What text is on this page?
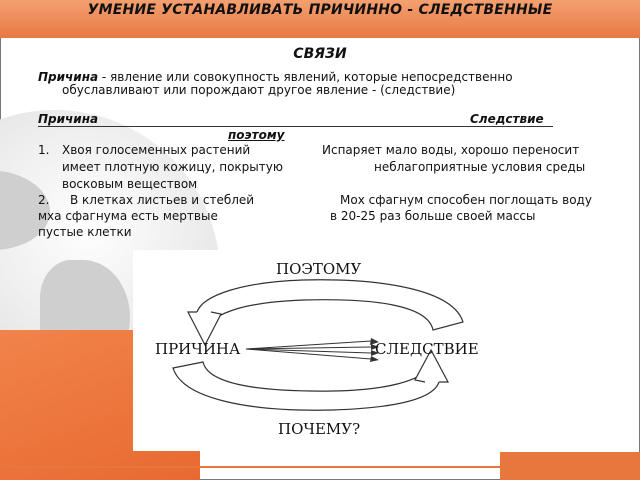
УМЕНИЕ УСТАНАВЛИВАТЬ ПРИЧИННО - СЛЕДСТВЕННЫЕ
СВЯЗИ
Причина - явление или совокупность явлений, которые непосредственно
обуславливают или порождают другое явление - (следствие)
Причина	Следствие
поэтому
1. Хвоя голосеменных растений
имеет плотную кожицу, покрытую
восковым веществом
Испаряет мало воды, хорошо переносит
неблагоприятные условия среды
2. В клетках листьев и стеблей
мха сфагнума есть мертвые
пустые клетки
Мох сфагнум способен поглощать воду
в 20-25 раз больше своей массы
ПОЭТОМУ
ПРИЧИНА	СЛЕДСТВИЕ
ПОЧЕМУ?
